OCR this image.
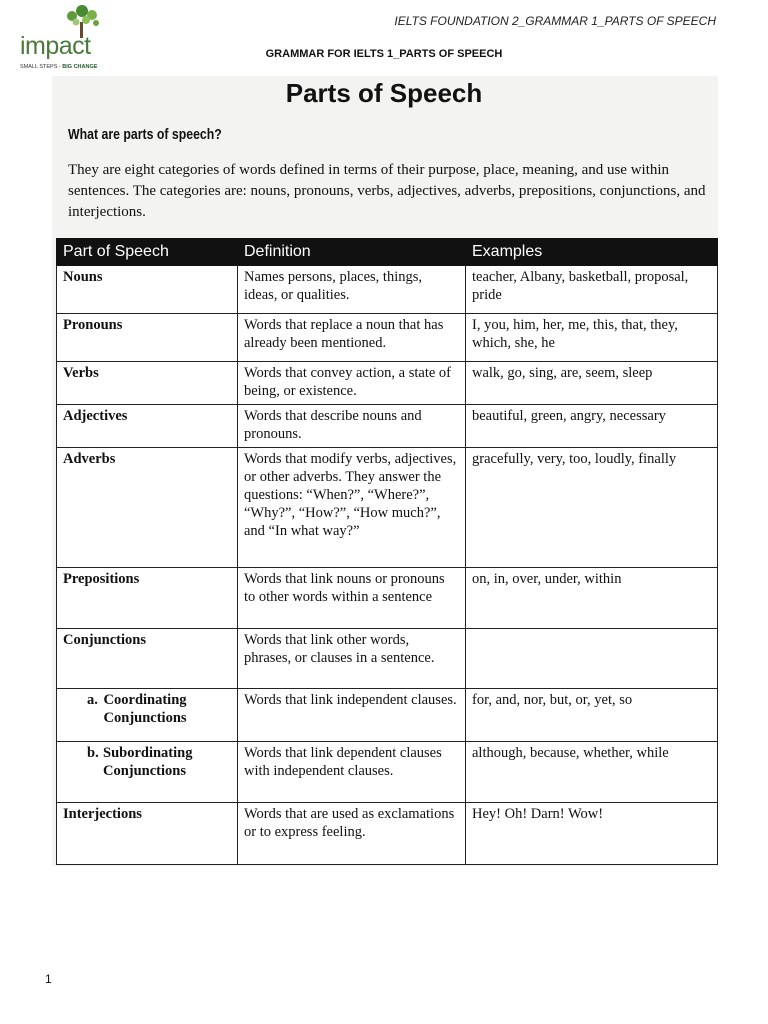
impact
SMALL STEPS - BIG CHANGE
IELTS FOUNDATION 2_GRAMMAR 1_PARTS OF SPEECH
GRAMMAR FOR IELTS 1_PARTS OF SPEECH
Parts of Speech
What are parts of speech?
They are eight categories of words defined in terms of their purpose, place, meaning, and use within sentences. The categories are: nouns, pronouns, verbs, adjectives, adverbs, prepositions, conjunctions, and interjections.
Part of Speech	Definition	Examples
Nouns	Names persons, places, things, ideas, or qualities.	teacher, Albany, basketball, proposal, pride
Pronouns	Words that replace a noun that has already been mentioned.	I, you, him, her, me, this, that, they, which, she, he
Verbs	Words that convey action, a state of being, or existence.	walk, go, sing, are, seem, sleep
Adjectives	Words that describe nouns and pronouns.	beautiful, green, angry, necessary
Adverbs	Words that modify verbs, adjectives, or other adverbs. They answer the questions: “When?”, “Where?”, “Why?”, “How?”, “How much?”, and “In what way?”	gracefully, very, too, loudly, finally
Prepositions	Words that link nouns or pronouns to other words within a sentence	on, in, over, under, within
Conjunctions	Words that link other words, phrases, or clauses in a sentence.	

a. Coordinating Conjunctions	Words that link independent clauses.	for, and, nor, but, or, yet, so

b. Subordinating Conjunctions	Words that link dependent clauses with independent clauses.	although, because, whether, while
Interjections	Words that are used as exclamations or to express feeling.	Hey! Oh! Darn! Wow!
1
